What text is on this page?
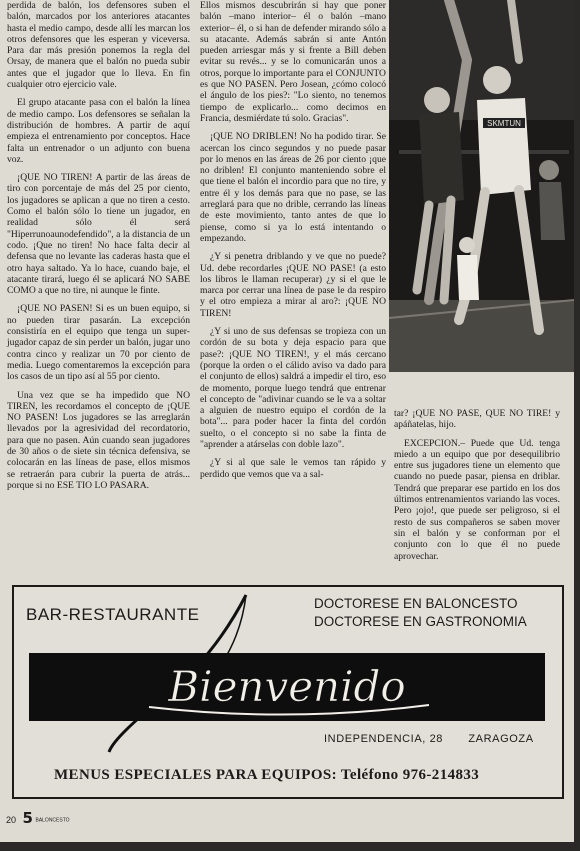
perdida de balón, los defensores suben el balón, marcados por los anteriores atacantes hasta el medio campo, desde allí les marcan los otros defensores que les esperan y viceversa. Para dar más presión ponemos la regla del Orsay, de manera que el balón no pueda subir antes que el jugador que lo lleva. En fin cualquier otro ejercicio vale.

El grupo atacante pasa con el balón la línea de medio campo. Los defensores se señalan la distribución de hombres. A partir de aquí empieza el entrenamiento por conceptos. Hace falta un entrenador o un adjunto con buena voz.

¡QUE NO TIREN! A partir de las áreas de tiro con porcentaje de más del 25 por ciento, los jugadores se aplican a que no tiren a cesto. Como el balón sólo lo tiene un jugador, en realidad sólo él será "Hiperrunoaunodefendido", a la distancia de un codo. ¡Que no tiren! No hace falta decir al defensa que no levante las caderas hasta que el otro haya saltado. Ya lo hace, cuando baje, el atacante tirará, luego él se aplicará NO SABE COMO a que no tire, ni aunque le finte.

¡QUE NO PASEN! Si es un buen equipo, si no pueden tirar pasarán. La excepción consistiría en el equipo que tenga un super-jugador capaz de sin perder un balón, jugar uno contra cinco y realizar un 70 por ciento de media. Luego comentaremos la excepción para los casos de un tipo así al 55 por ciento.

Una vez que se ha impedido que NO TIREN, les recordamos el concepto de ¡QUE NO PASEN! Los jugadores se las arreglarán llevados por la agresividad del recordatorio, para que no pasen. Aún cuando sean jugadores de 30 años o de siete sin técnica defensiva, se colocarán en las líneas de pase, ellos mismos se retraerán para cubrir la puerta de atrás... porque si no ESE TIO LO PASARA.

Ellos mismos descubrirán si hay que poner balón –mano interior– él o balón –mano exterior– él, o si han de defender mirando sólo a su atacante. Además sabrán si ante Antón pueden arriesgar más y si frente a Bill deben evitar su revés... y se lo comunicarán unos a otros, porque lo importante para el CONJUNTO es que NO PASEN. Pero Josean, ¿cómo colocó el ángulo de los pies?: "Lo siento, no tenemos tiempo de explicarlo... como decimos en Francia, desmiérdate tú solo. Gracias".

¡QUE NO DRIBLEN! No ha podido tirar. Se acercan los cinco segundos y no puede pasar por lo menos en las áreas de 26 por ciento ¡que no driblen! El conjunto manteniendo sobre el que tiene el balón el incordio para que no tire, y entre él y los demás para que no pase, se las arreglará para que no drible, cerrando las líneas de este movimiento, tanto antes de que lo piense, como si ya lo está intentando o empezando.

¿Y si penetra driblando y ve que no puede? Ud. debe recordarles ¡QUE NO PASE! (a esto los libros le llaman recuperar) ¿y si el que le marca por cerrar una línea de pase le da respiro y el otro empieza a mirar al aro?: ¡QUE NO TIREN!

¿Y si uno de sus defensas se tropieza con un cordón de su bota y deja espacio para que pase?: ¡QUE NO TIREN!, y el más cercano (porque la orden o el cálido aviso va dado para el conjunto de ellos) saldrá a impedir el tiro, eso de momento, porque luego tendrá que entrenar el concepto de "adivinar cuando se le va a soltar a alguien de nuestro equipo el cordón de la bota"... para poder hacer la finta del cordón suelto, o el concepto si no sabe la finta de "aprender a atárselas con doble lazo".

¿Y si al que sale le vemos tan rápido y perdido que vemos que va a sal-

SKMTUN

tar? ¡QUE NO PASE, QUE NO TIRE! y apáñatelas, hijo.

EXCEPCION.– Puede que Ud. tenga miedo a un equipo que por desequilibrio entre sus jugadores tiene un elemento que cuando no puede pasar, piensa en driblar. Tendrá que preparar ese partido en los dos últimos entrenamientos variando las voces. Pero ¡ojo!, que puede ser peligroso, si el resto de sus compañeros se saben mover sin el balón y se conforman por el conjunto con lo que él no puede aprovechar.

BAR-RESTAURANTE
DOCTORESE EN BALONCESTO
DOCTORESE EN GASTRONOMIA
Bienvenido
INDEPENDENCIA, 28 ZARAGOZA
MENUS ESPECIALES PARA EQUIPOS: Teléfono 976-214833
20 5 BALONCESTO
